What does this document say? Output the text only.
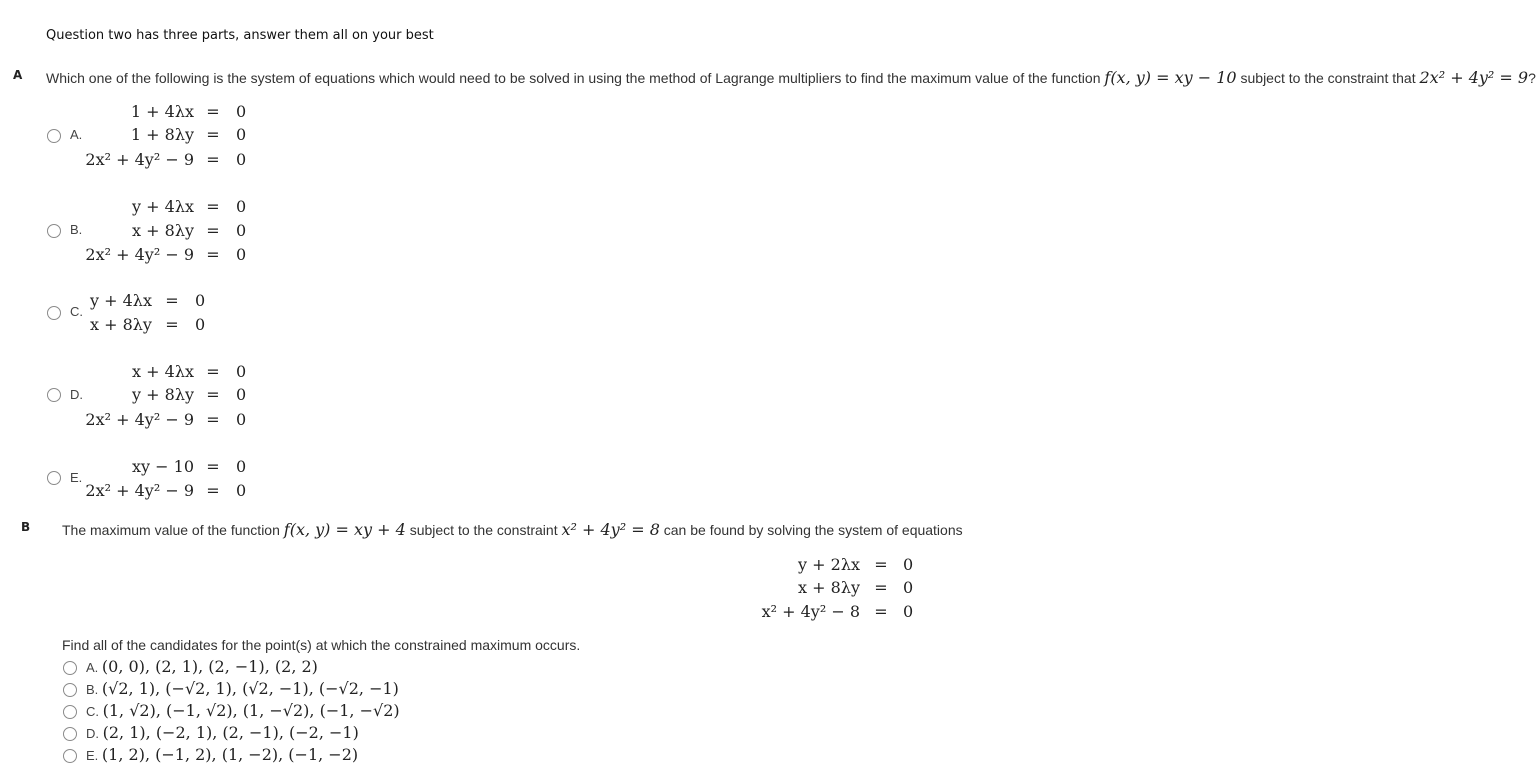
Question two has three parts, answer them all on your best
A Which one of the following is the system of equations which would need to be solved in using the method of Lagrange multipliers to find the maximum value of the function f(x, y) = xy − 10 subject to the constraint that 2x² + 4y² = 9?
A.
1 + 4λx = 0
1 + 8λy = 0
2x² + 4y² − 9 = 0
B.
y + 4λx = 0
x + 8λy = 0
2x² + 4y² − 9 = 0
C.
y + 4λx = 0
x + 8λy = 0
D.
x + 4λx = 0
y + 8λy = 0
2x² + 4y² − 9 = 0
E.
xy − 10 = 0
2x² + 4y² − 9 = 0
B The maximum value of the function f(x, y) = xy + 4 subject to the constraint x² + 4y² = 8 can be found by solving the system of equations
y + 2λx = 0
x + 8λy = 0
x² + 4y² − 8 = 0
Find all of the candidates for the point(s) at which the constrained maximum occurs.
A. (0, 0), (2, 1), (2, −1), (2, 2)
B. (√2, 1), (−√2, 1), (√2, −1), (−√2, −1)
C. (1, √2), (−1, √2), (1, −√2), (−1, −√2)
D. (2, 1), (−2, 1), (2, −1), (−2, −1)
E. (1, 2), (−1, 2), (1, −2), (−1, −2)
